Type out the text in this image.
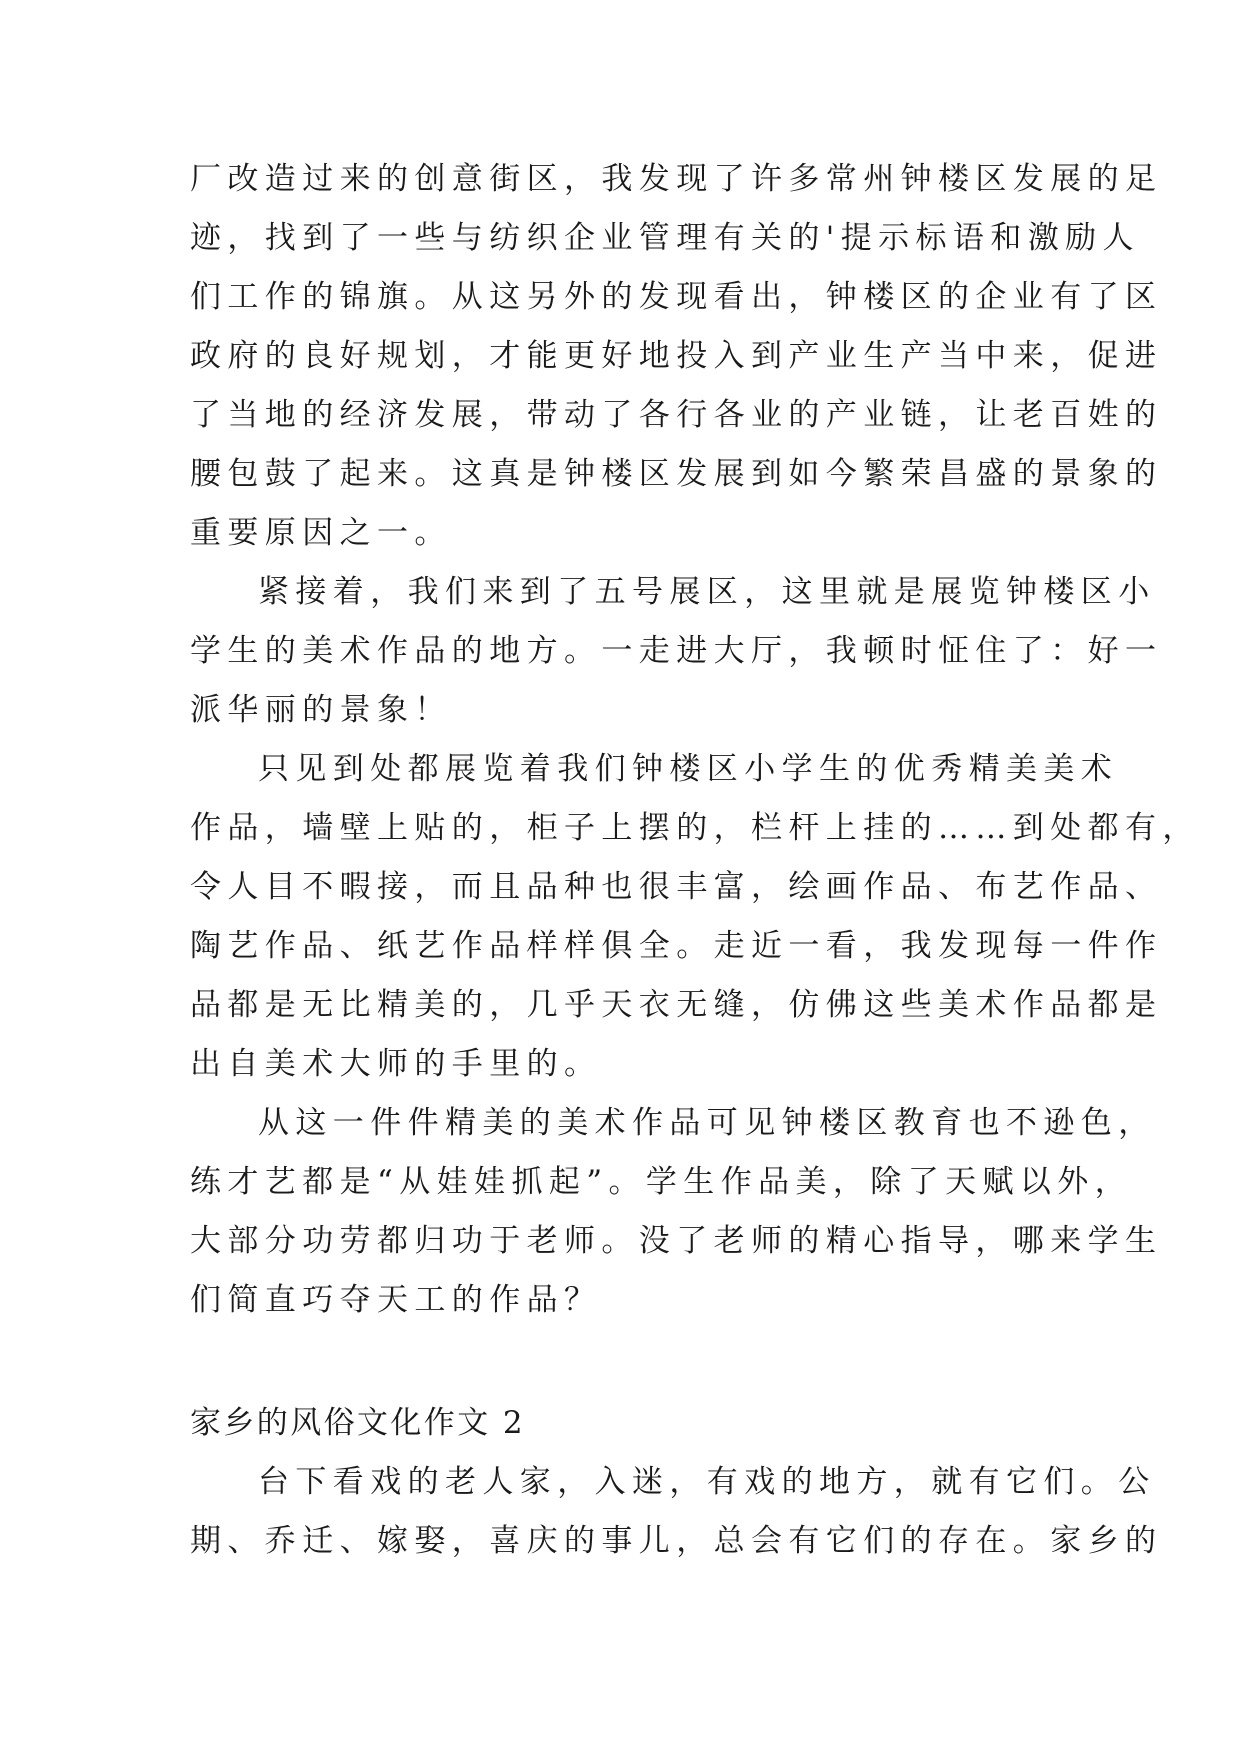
厂改造过来的创意街区，我发现了许多常州钟楼区发展的足
迹，找到了一些与纺织企业管理有关的'提示标语和激励人
们工作的锦旗。从这另外的发现看出，钟楼区的企业有了区
政府的良好规划，才能更好地投入到产业生产当中来，促进
了当地的经济发展，带动了各行各业的产业链，让老百姓的
腰包鼓了起来。这真是钟楼区发展到如今繁荣昌盛的景象的
重要原因之一。
紧接着，我们来到了五号展区，这里就是展览钟楼区小
学生的美术作品的地方。一走进大厅，我顿时怔住了：好一
派华丽的景象！
只见到处都展览着我们钟楼区小学生的优秀精美美术
作品，墙壁上贴的，柜子上摆的，栏杆上挂的……到处都有，
令人目不暇接，而且品种也很丰富，绘画作品、布艺作品、
陶艺作品、纸艺作品样样俱全。走近一看，我发现每一件作
品都是无比精美的，几乎天衣无缝，仿佛这些美术作品都是
出自美术大师的手里的。
从这一件件精美的美术作品可见钟楼区教育也不逊色，
练才艺都是“从娃娃抓起”。学生作品美，除了天赋以外，
大部分功劳都归功于老师。没了老师的精心指导，哪来学生
们简直巧夺天工的作品？
家乡的风俗文化作文 2
台下看戏的老人家，入迷，有戏的地方，就有它们。公
期、乔迁、嫁娶，喜庆的事儿，总会有它们的存在。家乡的
